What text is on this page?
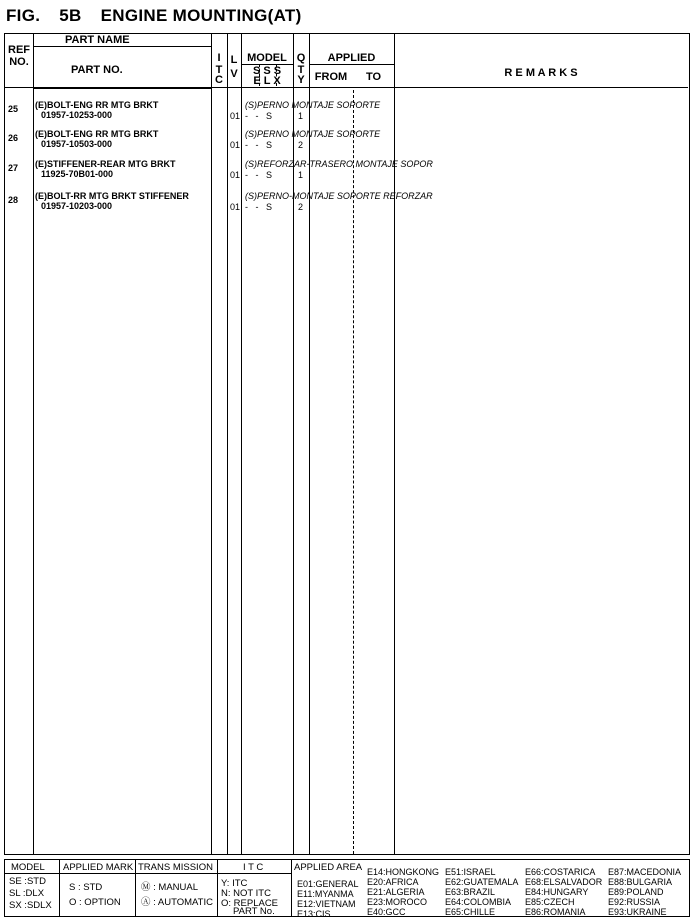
FIG. 5B ENGINE MOUNTING(AT)
PART NAME
REF
NO.
PART NO.
I
T
C
L
V
MODEL
S S S
E L X
Q
T
Y
APPLIED
FROM	TO	R E M A R K S
25 (E)BOLT-ENG RR MTG BRKT
01957-10253-000	01 -   -   S	1
(S)PERNO MONTAJE SOPORTE
26 (E)BOLT-ENG RR MTG BRKT
01957-10503-000	01 -   -   S	2
(S)PERNO MONTAJE SOPORTE
27 (E)STIFFENER-REAR MTG BRKT
11925-70B01-000	01 -   -   S	1
(S)REFORZAR-TRASERO MONTAJE SOPOR
28 (E)BOLT-RR MTG BRKT STIFFENER
01957-10203-000	01 -   -   S	2
(S)PERNO-MONTAJE SOPORTE REFORZAR
MODEL
SE :STD
SL :DLX
SX :SDLX
APPLIED MARK
S : STD
O : OPTION
TRANS MISSION
Ⓜ : MANUAL
Ⓐ : AUTOMATIC
I T C
Y: ITC
N: NOT ITC
O: REPLACE
PART No.
APPLIED AREA
E01:GENERAL
E11:MYANMA
E12:VIETNAM
E13:CIS
E14:HONGKONG
E20:AFRICA
E21:ALGERIA
E23:MOROCO
E40:GCC
E51:ISRAEL
E62:GUATEMALA
E63:BRAZIL
E64:COLOMBIA
E65:CHILLE
E66:COSTARICA
E68:ELSALVADOR
E84:HUNGARY
E85:CZECH
E86:ROMANIA
E87:MACEDONIA
E88:BULGARIA
E89:POLAND
E92:RUSSIA
E93:UKRAINE
